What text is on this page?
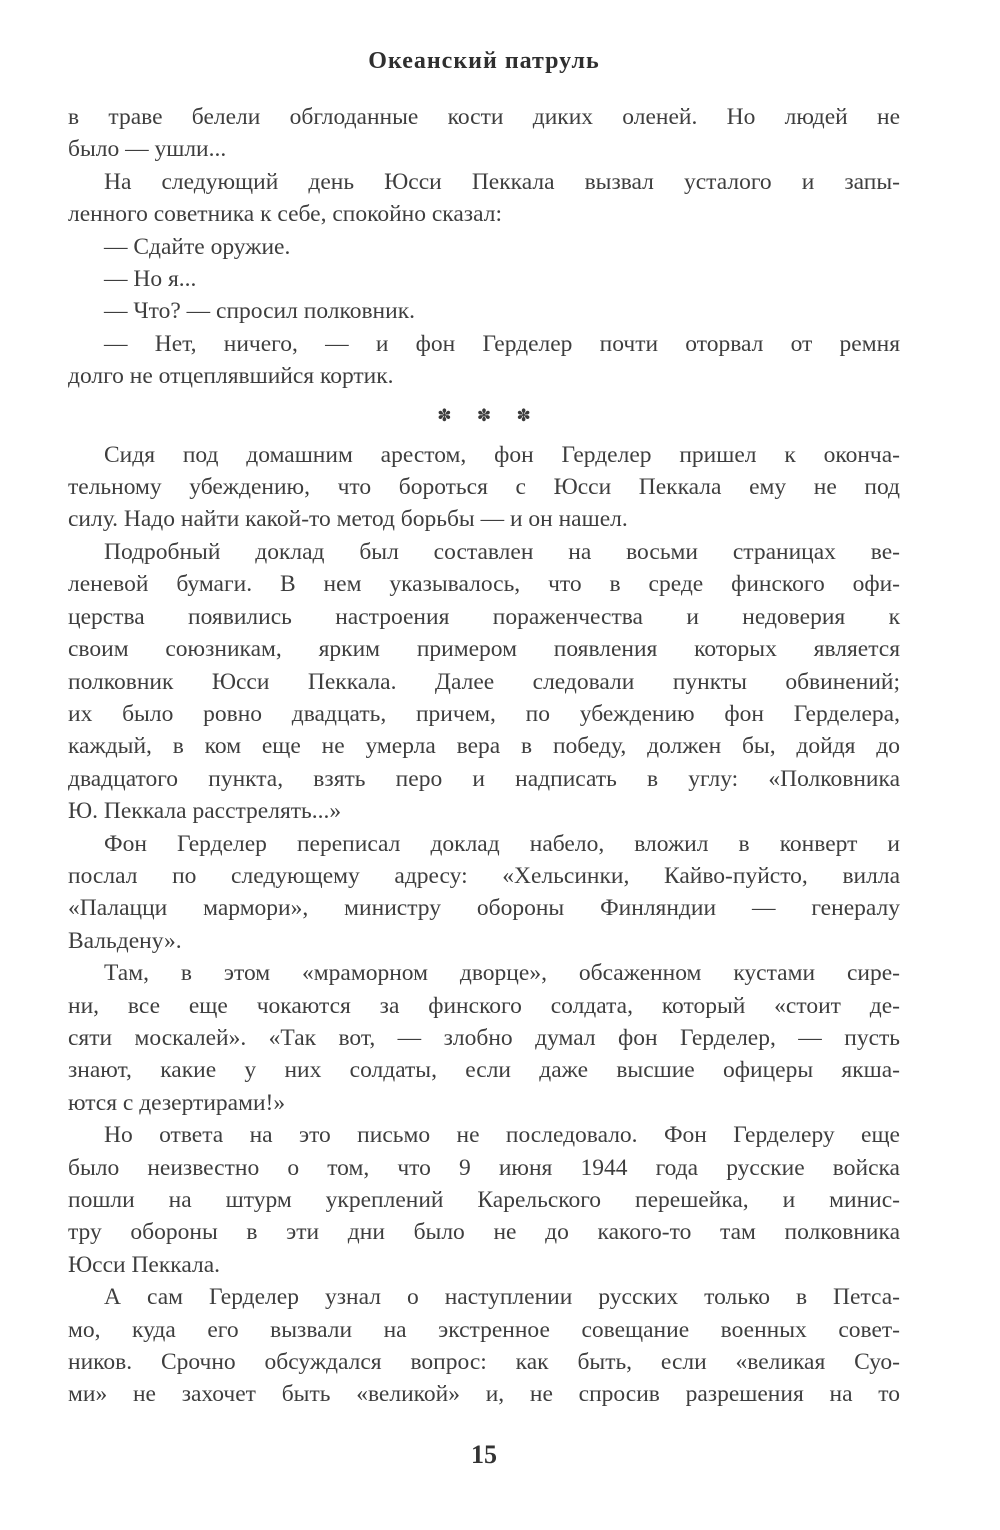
Океанский патруль
в траве белели обглоданные кости диких оленей. Но людей не
было — ушли...
На следующий день Юсси Пеккала вызвал усталого и запы-
ленного советника к себе, спокойно сказал:
— Сдайте оружие.
— Но я...
— Что? — спросил полковник.
— Нет, ничего, — и фон Герделер почти оторвал от ремня
долго не отцеплявшийся кортик.
✽ ✽ ✽
Сидя под домашним арестом, фон Герделер пришел к оконча-
тельному убеждению, что бороться с Юсси Пеккала ему не под
силу. Надо найти какой-то метод борьбы — и он нашел.
Подробный доклад был составлен на восьми страницах ве-
леневой бумаги. В нем указывалось, что в среде финского офи-
церства появились настроения пораженчества и недоверия к
своим союзникам, ярким примером появления которых является
полковник Юсси Пеккала. Далее следовали пункты обвинений;
их было ровно двадцать, причем, по убеждению фон Герделера,
каждый, в ком еще не умерла вера в победу, должен бы, дойдя до
двадцатого пункта, взять перо и надписать в углу: «Полковника
Ю. Пеккала расстрелять...»
Фон Герделер переписал доклад набело, вложил в конверт и
послал по следующему адресу: «Хельсинки, Кайво-пуйсто, вилла
«Палацци мармори», министру обороны Финляндии — генералу
Вальдену».
Там, в этом «мраморном дворце», обсаженном кустами сире-
ни, все еще чокаются за финского солдата, который «стоит де-
сяти москалей». «Так вот, — злобно думал фон Герделер, — пусть
знают, какие у них солдаты, если даже высшие офицеры якша-
ются с дезертирами!»
Но ответа на это письмо не последовало. Фон Герделеру еще
было неизвестно о том, что 9 июня 1944 года русские войска
пошли на штурм укреплений Карельского перешейка, и минис-
тру обороны в эти дни было не до какого-то там полковника
Юсси Пеккала.
А сам Герделер узнал о наступлении русских только в Петса-
мо, куда его вызвали на экстренное совещание военных совет-
ников. Срочно обсуждался вопрос: как быть, если «великая Суо-
ми» не захочет быть «великой» и, не спросив разрешения на то
15
